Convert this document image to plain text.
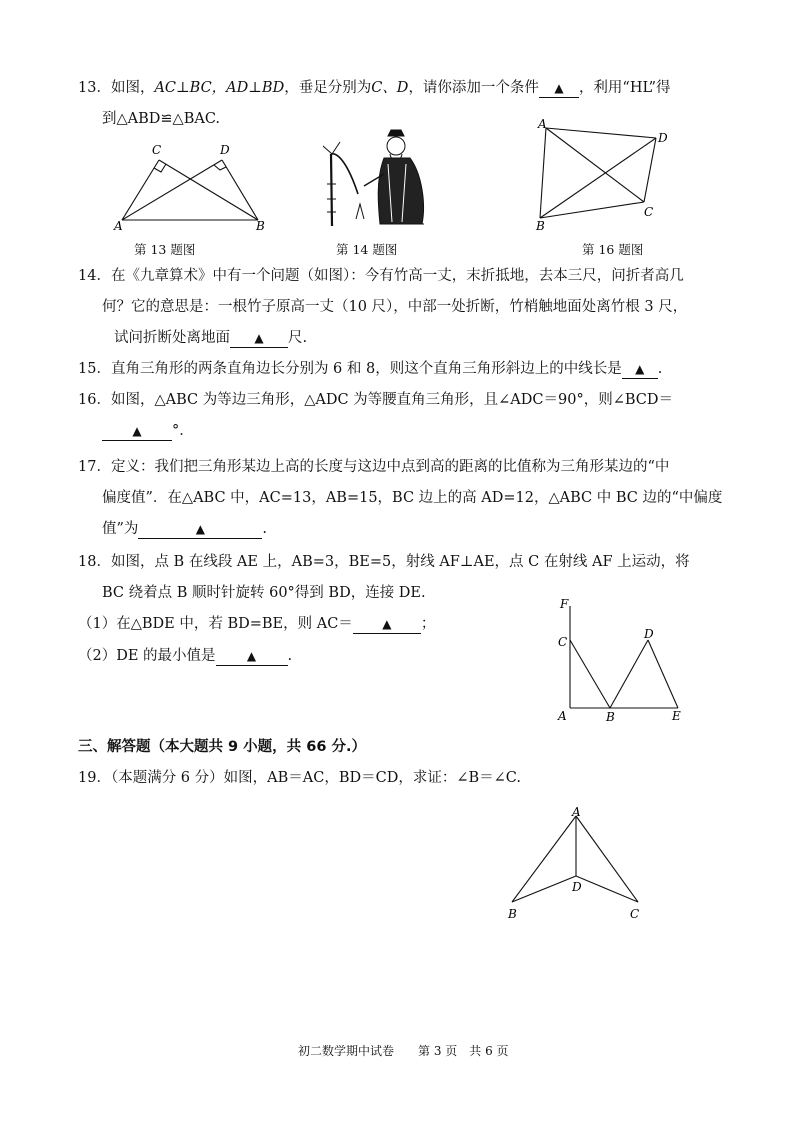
13．如图，AC⊥BC，AD⊥BD，垂足分别为C、D，请你添加一个条件 ▲ ，利用“HL”得
到△ABD≌△BAC.
C	D
A	B
第 13 题图	第 14 题图
A
D
B
C
第 16 题图
14．在《九章算术》中有一个问题（如图）：今有竹高一丈，末折抵地，去本三尺，问折者高几
何？它的意思是：一根竹子原高一丈（10 尺），中部一处折断，竹梢触地面处离竹根 3 尺，
试问折断处离地面 ▲ 尺.
15．直角三角形的两条直角边长分别为 6 和 8，则这个直角三角形斜边上的中线长是 ▲ .
16．如图，△ABC 为等边三角形，△ADC 为等腰直角三角形，且∠ADC＝90°，则∠BCD＝
▲ °．
17．定义：我们把三角形某边上高的长度与这边中点到高的距离的比值称为三角形某边的“中
偏度值”．在△ABC 中，AC=13，AB=15，BC 边上的高 AD=12，△ABC 中 BC 边的“中偏度
值”为	▲	.
18．如图，点 B 在线段 AE 上，AB=3，BE=5，射线 AF⊥AE，点 C 在射线 AF 上运动，将
BC 绕着点 B 顺时针旋转 60°得到 BD，连接 DE.
（1）在△BDE 中，若 BD=BE，则 AC＝ ▲ ；
（2）DE 的最小值是	▲ .
F
C
D
A	B	E
三、解答题（本大题共 9 小题，共 66 分.）
19．（本题满分 6 分）如图，AB＝AC，BD＝CD，求证：∠B＝∠C.
A
D
B	C
初二数学期中试卷　　第 3 页　共 6 页
